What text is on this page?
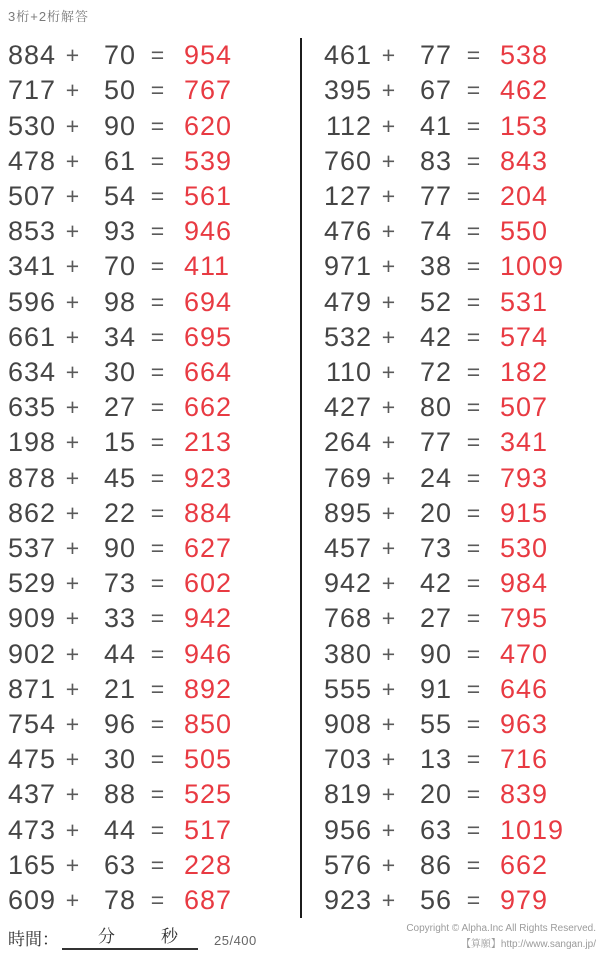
3桁+2桁解答
884 + 70 = 954
717 + 50 = 767
530 + 90 = 620
478 + 61 = 539
507 + 54 = 561
853 + 93 = 946
341 + 70 = 411
596 + 98 = 694
661 + 34 = 695
634 + 30 = 664
635 + 27 = 662
198 + 15 = 213
878 + 45 = 923
862 + 22 = 884
537 + 90 = 627
529 + 73 = 602
909 + 33 = 942
902 + 44 = 946
871 + 21 = 892
754 + 96 = 850
475 + 30 = 505
437 + 88 = 525
473 + 44 = 517
165 + 63 = 228
609 + 78 = 687
461 + 77 = 538
395 + 67 = 462
112 + 41 = 153
760 + 83 = 843
127 + 77 = 204
476 + 74 = 550
971 + 38 = 1009
479 + 52 = 531
532 + 42 = 574
110 + 72 = 182
427 + 80 = 507
264 + 77 = 341
769 + 24 = 793
895 + 20 = 915
457 + 73 = 530
942 + 42 = 984
768 + 27 = 795
380 + 90 = 470
555 + 91 = 646
908 + 55 = 963
703 + 13 = 716
819 + 20 = 839
956 + 63 = 1019
576 + 86 = 662
923 + 56 = 979
時間： 分	秒	25/400
Copyright © Alpha.Inc All Rights Reserved.
【算願】http://www.sangan.jp/
